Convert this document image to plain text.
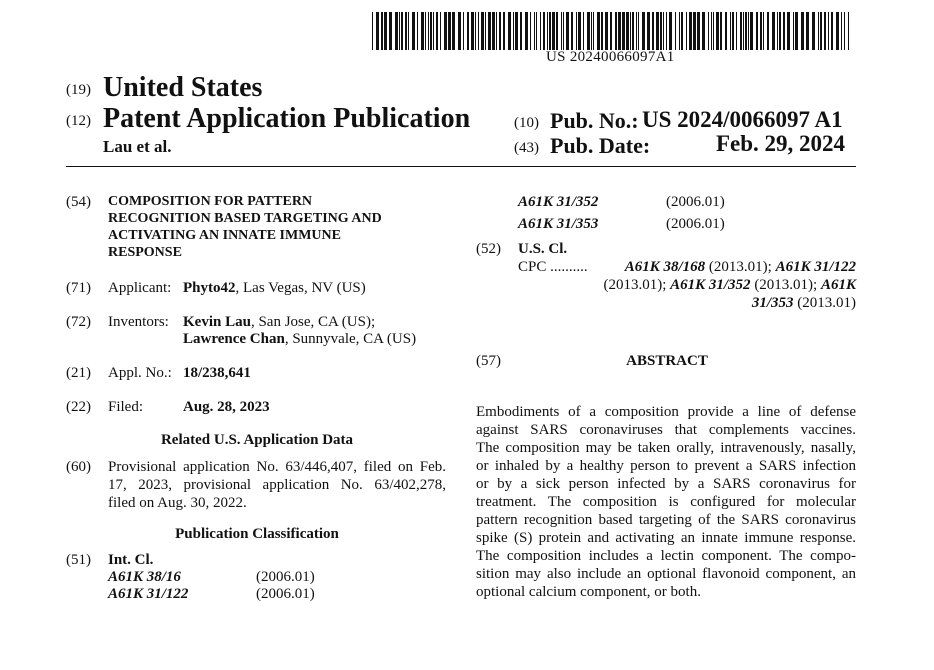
US 20240066097A1
(19) United States
(12) Patent Application Publication
Lau et al.
(10) Pub. No.: US 2024/0066097 A1
(43) Pub. Date:	Feb. 29, 2024
(54) COMPOSITION FOR PATTERN
RECOGNITION BASED TARGETING AND
ACTIVATING AN INNATE IMMUNE
RESPONSE
(71) Applicant: Phyto42, Las Vegas, NV (US)
(72) Inventors: Kevin Lau, San Jose, CA (US);
Lawrence Chan, Sunnyvale, CA (US)
(21) Appl. No.: 18/238,641
(22) Filed:	Aug. 28, 2023
Related U.S. Application Data
(60) Provisional application No. 63/446,407, filed on Feb.
17, 2023, provisional application No. 63/402,278,
filed on Aug. 30, 2022.
Publication Classification
(51) Int. Cl.
A61K 38/16	(2006.01)
A61K 31/122	(2006.01)
A61K 31/352	(2006.01)
A61K 31/353	(2006.01)
(52) U.S. Cl.
CPC .......... A61K 38/168 (2013.01); A61K 31/122
(2013.01); A61K 31/352 (2013.01); A61K
31/353 (2013.01)
(57)	ABSTRACT

Embodiments of a composition provide a line of defense

against SARS coronaviruses that complements vaccines.

The composition may be taken orally, intravenously, nasally,

or inhaled by a healthy person to prevent a SARS infection

or by a sick person infected by a SARS coronavirus for

treatment. The composition is configured for molecular

pattern recognition based targeting of the SARS coronavirus

spike (S) protein and activating an innate immune response.

The composition includes a lectin component. The compo-

sition may also include an optional flavonoid component, an

optional calcium component, or both.
